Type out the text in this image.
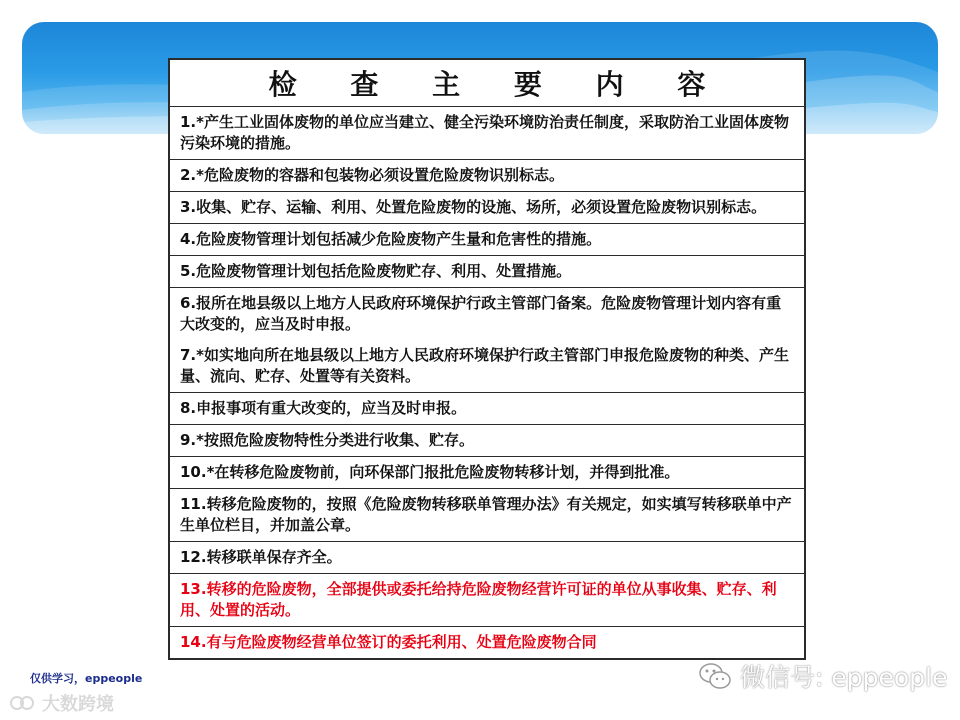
检 查 主 要 内 容
1.*产生工业固体废物的单位应当建立、健全污染环境防治责任制度，采取防治工业固体废物污染环境的措施。
2.*危险废物的容器和包装物必须设置危险废物识别标志。
3.收集、贮存、运输、利用、处置危险废物的设施、场所，必须设置危险废物识别标志。
4.危险废物管理计划包括减少危险废物产生量和危害性的措施。
5.危险废物管理计划包括危险废物贮存、利用、处置措施。
6.报所在地县级以上地方人民政府环境保护行政主管部门备案。危险废物管理计划内容有重大改变的，应当及时申报。
7.*如实地向所在地县级以上地方人民政府环境保护行政主管部门申报危险废物的种类、产生量、流向、贮存、处置等有关资料。
8.申报事项有重大改变的，应当及时申报。
9.*按照危险废物特性分类进行收集、贮存。
10.*在转移危险废物前，向环保部门报批危险废物转移计划，并得到批准。
11.转移危险废物的，按照《危险废物转移联单管理办法》有关规定，如实填写转移联单中产生单位栏目，并加盖公章。
12.转移联单保存齐全。
13.转移的危险废物，全部提供或委托给持危险废物经营许可证的单位从事收集、贮存、利用、处置的活动。
14.有与危险废物经营单位签订的委托利用、处置危险废物合同
仅供学习，eppeople
大数跨境
微信号: eppeople
